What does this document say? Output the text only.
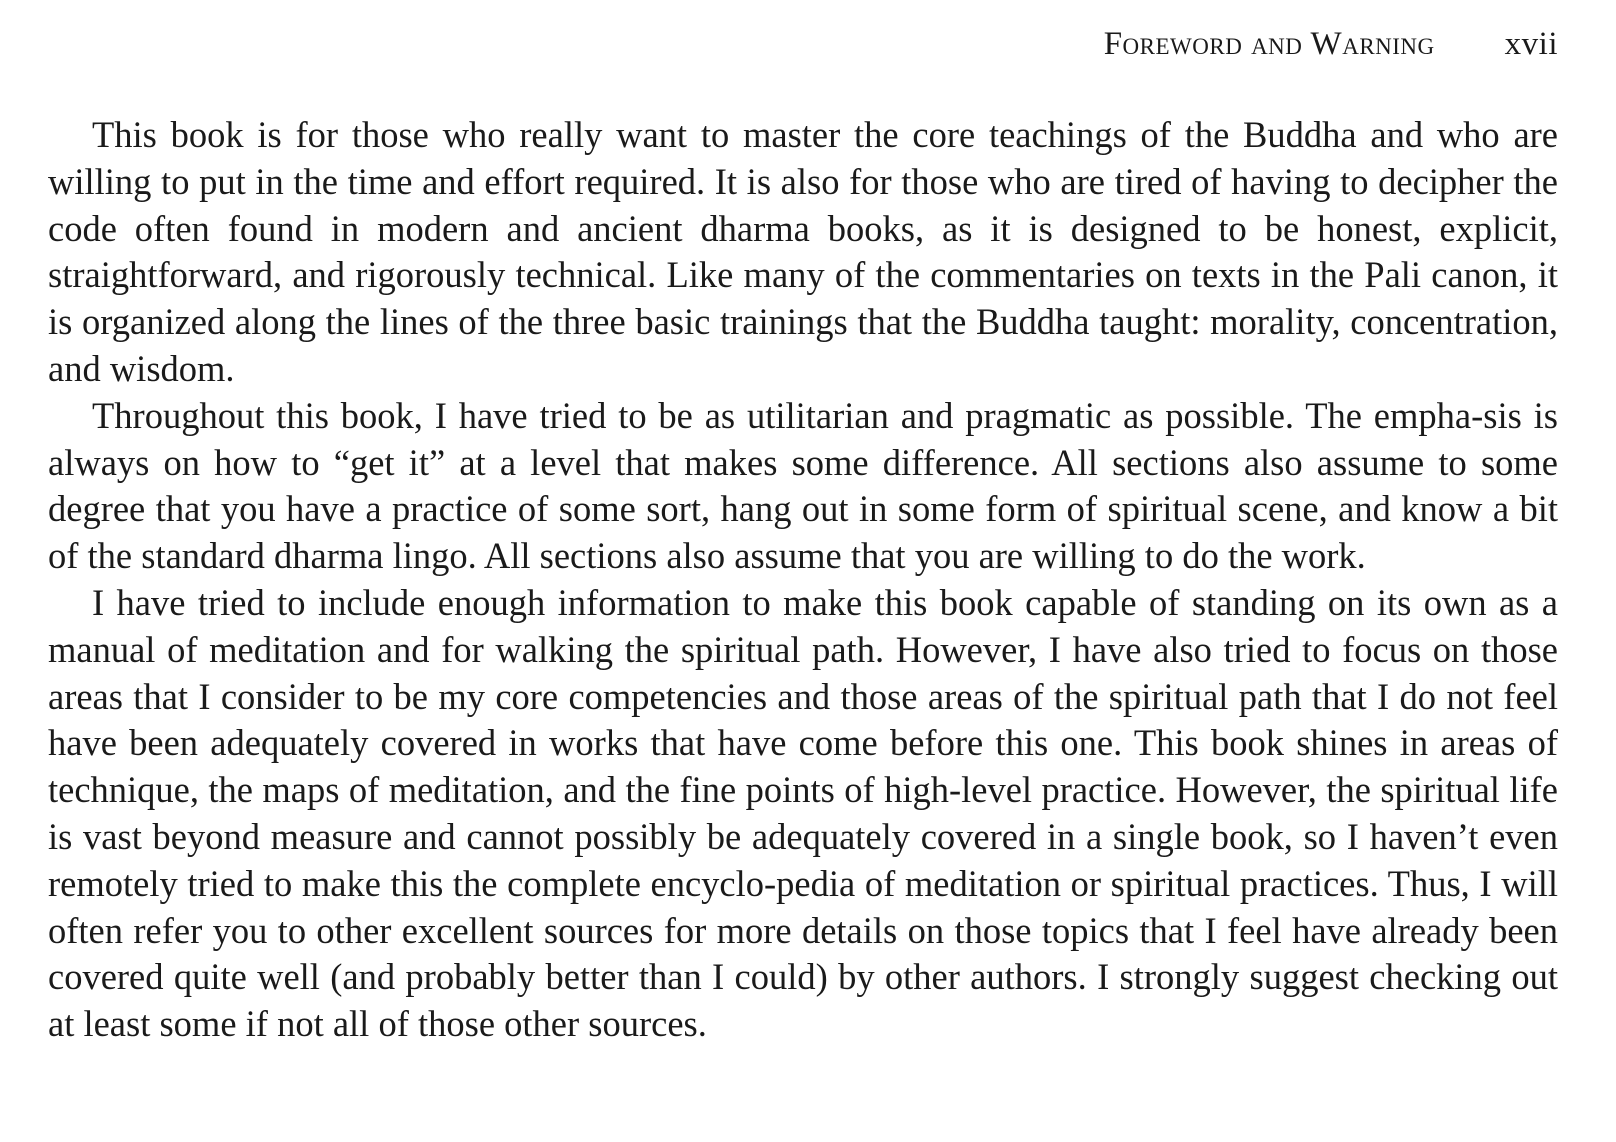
Foreword and Warning xvii

This book is for those who really want to master the core teachings of the Buddha and who are willing to put in the time and effort required. It is also for those who are tired of having to decipher the code often found in modern and ancient dharma books, as it is designed to be honest, explicit, straightforward, and rigorously technical. Like many of the commentaries on texts in the Pali canon, it is organized along the lines of the three basic trainings that the Buddha taught: morality, concentration, and wisdom.

Throughout this book, I have tried to be as utilitarian and pragmatic as possible. The empha-sis is always on how to “get it” at a level that makes some difference. All sections also assume to some degree that you have a practice of some sort, hang out in some form of spiritual scene, and know a bit of the standard dharma lingo. All sections also assume that you are willing to do the work.

I have tried to include enough information to make this book capable of standing on its own as a manual of meditation and for walking the spiritual path. However, I have also tried to focus on those areas that I consider to be my core competencies and those areas of the spiritual path that I do not feel have been adequately covered in works that have come before this one. This book shines in areas of technique, the maps of meditation, and the fine points of high-level practice. However, the spiritual life is vast beyond measure and cannot possibly be adequately covered in a single book, so I haven’t even remotely tried to make this the complete encyclo-pedia of meditation or spiritual practices. Thus, I will often refer you to other excellent sources for more details on those topics that I feel have already been covered quite well (and probably better than I could) by other authors. I strongly suggest checking out at least some if not all of those other sources.
